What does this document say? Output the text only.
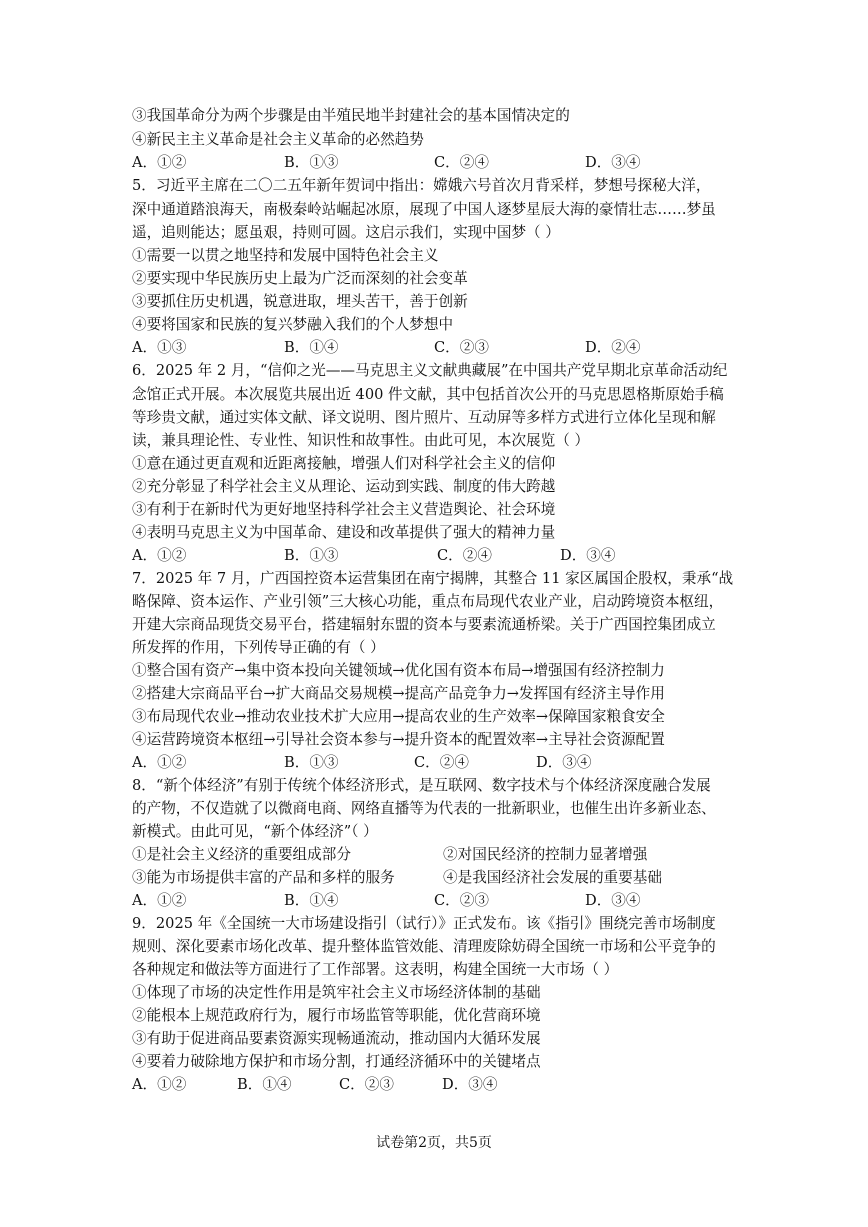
③我国革命分为两个步骤是由半殖民地半封建社会的基本国情决定的
④新民主主义革命是社会主义革命的必然趋势
A．①②	B．①③	C．②④	D．③④
5．习近平主席在二〇二五年新年贺词中指出：嫦娥六号首次月背采样，梦想号探秘大洋，
深中通道踏浪海天，南极秦岭站崛起冰原，展现了中国人逐梦星辰大海的豪情壮志……梦虽
遥，追则能达；愿虽艰，持则可圆。这启示我们，实现中国梦（ ）
①需要一以贯之地坚持和发展中国特色社会主义
②要实现中华民族历史上最为广泛而深刻的社会变革
③要抓住历史机遇，锐意进取，埋头苦干，善于创新
④要将国家和民族的复兴梦融入我们的个人梦想中
A．①③	B．①④	C．②③	D．②④
6．2025 年 2 月，“信仰之光——马克思主义文献典藏展”在中国共产党早期北京革命活动纪
念馆正式开展。本次展览共展出近 400 件文献，其中包括首次公开的马克思恩格斯原始手稿
等珍贵文献，通过实体文献、译文说明、图片照片、互动屏等多样方式进行立体化呈现和解
读，兼具理论性、专业性、知识性和故事性。由此可见，本次展览（ ）
①意在通过更直观和近距离接触，增强人们对科学社会主义的信仰
②充分彰显了科学社会主义从理论、运动到实践、制度的伟大跨越
③有利于在新时代为更好地坚持科学社会主义营造舆论、社会环境
④表明马克思主义为中国革命、建设和改革提供了强大的精神力量
A．①②	B．①③	C．②④	D．③④
7．2025 年 7 月，广西国控资本运营集团在南宁揭牌，其整合 11 家区属国企股权，秉承“战
略保障、资本运作、产业引领”三大核心功能，重点布局现代农业产业，启动跨境资本枢纽，
开建大宗商品现货交易平台，搭建辐射东盟的资本与要素流通桥梁。关于广西国控集团成立
所发挥的作用，下列传导正确的有（ ）
①整合国有资产→集中资本投向关键领域→优化国有资本布局→增强国有经济控制力
②搭建大宗商品平台→扩大商品交易规模→提高产品竞争力→发挥国有经济主导作用
③布局现代农业→推动农业技术扩大应用→提高农业的生产效率→保障国家粮食安全
④运营跨境资本枢纽→引导社会资本参与→提升资本的配置效率→主导社会资源配置
A．①②	B．①③	C．②④	D．③④
8．“新个体经济”有别于传统个体经济形式，是互联网、数字技术与个体经济深度融合发展
的产物，不仅造就了以微商电商、网络直播等为代表的一批新职业，也催生出许多新业态、
新模式。由此可见，“新个体经济”（ ）
①是社会主义经济的重要组成部分	②对国民经济的控制力显著增强
③能为市场提供丰富的产品和多样的服务	④是我国经济社会发展的重要基础
A．①②	B．①④	C．②③	D．③④
9．2025 年《全国统一大市场建设指引（试行）》正式发布。该《指引》围绕完善市场制度
规则、深化要素市场化改革、提升整体监管效能、清理废除妨碍全国统一市场和公平竞争的
各种规定和做法等方面进行了工作部署。这表明，构建全国统一大市场（ ）
①体现了市场的决定性作用是筑牢社会主义市场经济体制的基础
②能根本上规范政府行为，履行市场监管等职能，优化营商环境
③有助于促进商品要素资源实现畅通流动，推动国内大循环发展
④要着力破除地方保护和市场分割，打通经济循环中的关键堵点
A．①②	B．①④	C．②③	D．③④
试卷第2页，共5页
